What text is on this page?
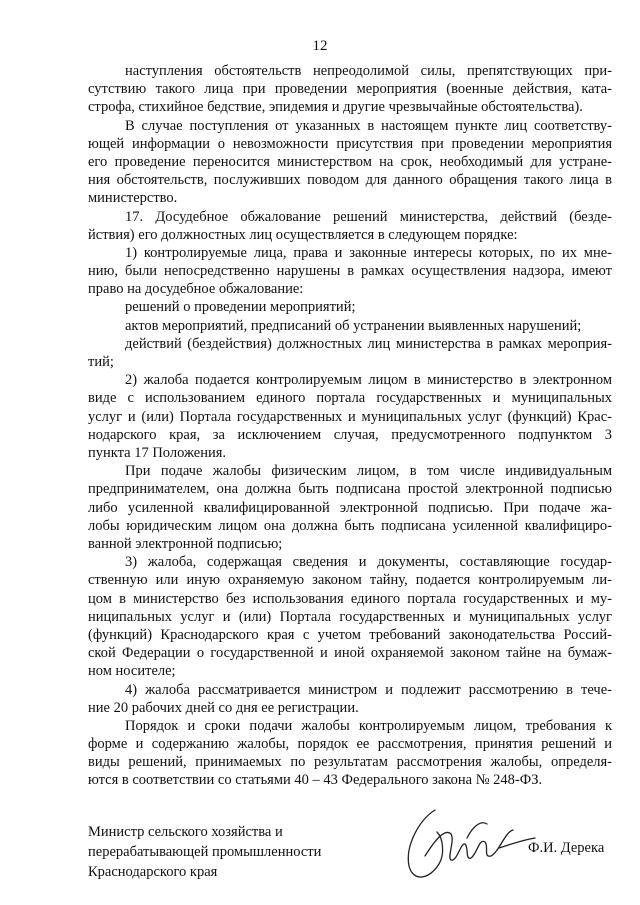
12
наступления обстоятельств непреодолимой силы, препятствующих при-
сутствию такого лица при проведении мероприятия (военные действия, ката-
строфа, стихийное бедствие, эпидемия и другие чрезвычайные обстоятельства).
В случае поступления от указанных в настоящем пункте лиц соответству-
ющей информации о невозможности присутствия при проведении мероприятия
его проведение переносится министерством на срок, необходимый для устране-
ния обстоятельств, послуживших поводом для данного обращения такого лица в
министерство.
17. Досудебное обжалование решений министерства, действий (безде-
йствия) его должностных лиц осуществляется в следующем порядке:
1) контролируемые лица, права и законные интересы которых, по их мне-
нию, были непосредственно нарушены в рамках осуществления надзора, имеют
право на досудебное обжалование:
решений о проведении мероприятий;
актов мероприятий, предписаний об устранении выявленных нарушений;
действий (бездействия) должностных лиц министерства в рамках мероприя-
тий;
2) жалоба подается контролируемым лицом в министерство в электронном
виде с использованием единого портала государственных и муниципальных
услуг и (или) Портала государственных и муниципальных услуг (функций) Крас-
нодарского края, за исключением случая, предусмотренного подпунктом 3
пункта 17 Положения.
При подаче жалобы физическим лицом, в том числе индивидуальным
предпринимателем, она должна быть подписана простой электронной подписью
либо усиленной квалифицированной электронной подписью. При подаче жа-
лобы юридическим лицом она должна быть подписана усиленной квалифициро-
ванной электронной подписью;
3) жалоба, содержащая сведения и документы, составляющие государ-
ственную или иную охраняемую законом тайну, подается контролируемым ли-
цом в министерство без использования единого портала государственных и му-
ниципальных услуг и (или) Портала государственных и муниципальных услуг
(функций) Краснодарского края с учетом требований законодательства Россий-
ской Федерации о государственной и иной охраняемой законом тайне на бумаж-
ном носителе;
4) жалоба рассматривается министром и подлежит рассмотрению в тече-
ние 20 рабочих дней со дня ее регистрации.
Порядок и сроки подачи жалобы контролируемым лицом, требования к
форме и содержанию жалобы, порядок ее рассмотрения, принятия решений и
виды решений, принимаемых по результатам рассмотрения жалобы, определя-
ются в соответствии со статьями 40 – 43 Федерального закона № 248-ФЗ.
Министр сельского хозяйства и
перерабатывающей промышленности
Краснодарского края
Ф.И. Дерека
